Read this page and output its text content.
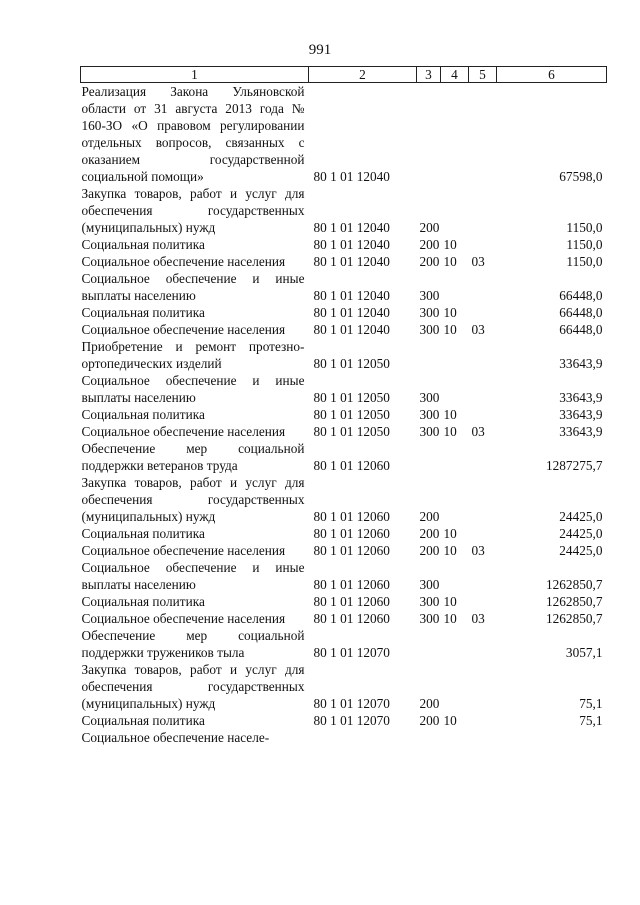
991
1	2	3	4	5	6
Реализация Закона Ульяновской области от 31 августа 2013 года № 160-ЗО «О правовом регулировании отдельных вопросов, связанных с оказанием государственной социальной помощи»	80 1 01 12040				67598,0
Закупка товаров, работ и услуг для обеспечения государственных (муниципальных) нужд	80 1 01 12040	200			1150,0
Социальная политика	80 1 01 12040	200	10		1150,0
Социальное обеспечение населения	80 1 01 12040	200	10	03	1150,0
Социальное обеспечение и иные выплаты населению	80 1 01 12040	300			66448,0
Социальная политика	80 1 01 12040	300	10		66448,0
Социальное обеспечение населения	80 1 01 12040	300	10	03	66448,0
Приобретение и ремонт протезно-ортопедических изделий	80 1 01 12050				33643,9
Социальное обеспечение и иные выплаты населению	80 1 01 12050	300			33643,9
Социальная политика	80 1 01 12050	300	10		33643,9
Социальное обеспечение населения	80 1 01 12050	300	10	03	33643,9
Обеспечение мер социальной поддержки ветеранов труда	80 1 01 12060				1287275,7
Закупка товаров, работ и услуг для обеспечения государственных (муниципальных) нужд	80 1 01 12060	200			24425,0
Социальная политика	80 1 01 12060	200	10		24425,0
Социальное обеспечение населения	80 1 01 12060	200	10	03	24425,0
Социальное обеспечение и иные выплаты населению	80 1 01 12060	300			1262850,7
Социальная политика	80 1 01 12060	300	10		1262850,7
Социальное обеспечение населения	80 1 01 12060	300	10	03	1262850,7
Обеспечение мер социальной поддержки тружеников тыла	80 1 01 12070				3057,1
Закупка товаров, работ и услуг для обеспечения государственных (муниципальных) нужд	80 1 01 12070	200			75,1
Социальная политика	80 1 01 12070	200	10		75,1
Социальное обеспечение населе-					
